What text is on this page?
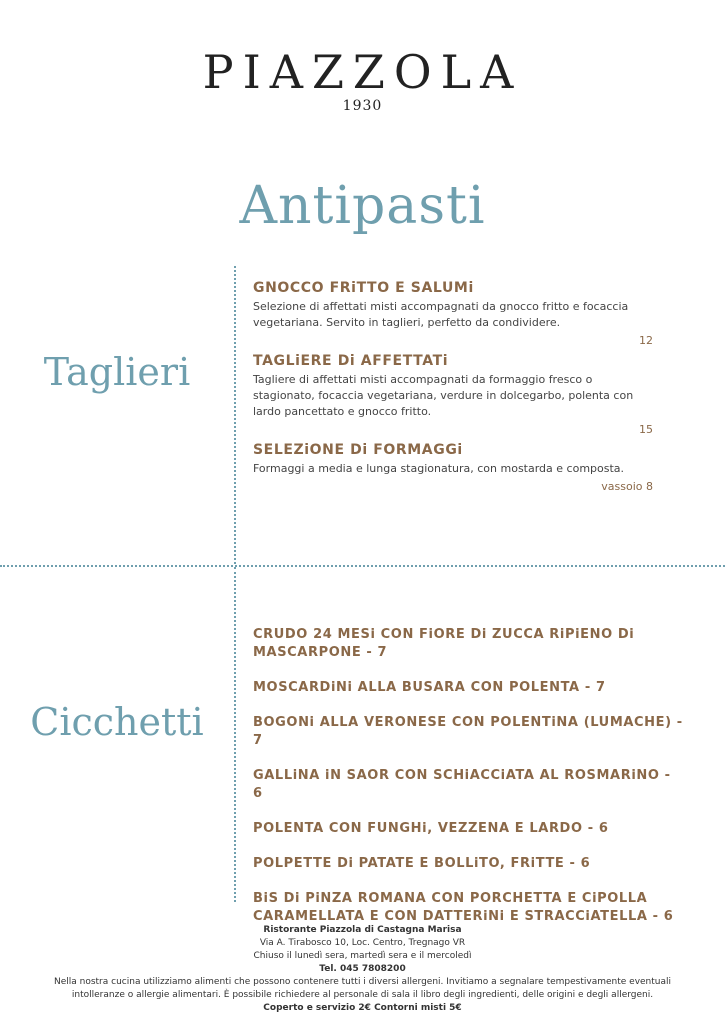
PIAZZOLA
1930
Antipasti
Taglieri
GNOCCO FRiTTO E SALUMi
Selezione di affettati misti accompagnati da gnocco fritto e focaccia vegetariana. Servito in taglieri, perfetto da condividere.
12
TAGLiERE Di AFFETTATi
Tagliere di affettati misti accompagnati da formaggio fresco o stagionato, focaccia vegetariana, verdure in dolcegarbo, polenta con lardo pancettato e gnocco fritto.
15
SELEZiONE Di FORMAGGi
Formaggi a media e lunga stagionatura, con mostarda e composta.
vassoio 8
Cicchetti
CRUDO 24 MESi CON FiORE Di ZUCCA RiPiENO Di MASCARPONE - 7
MOSCARDiNi ALLA BUSARA CON POLENTA - 7
BOGONi ALLA VERONESE CON POLENTiNA (LUMACHE) - 7
GALLiNA iN SAOR CON SCHiACCiATA AL ROSMARiNO - 6
POLENTA CON FUNGHi, VEZZENA E LARDO - 6
POLPETTE Di PATATE E BOLLiTO, FRiTTE - 6
BiS Di PiNZA ROMANA CON PORCHETTA E CiPOLLA CARAMELLATA E CON DATTERiNi E STRACCiATELLA - 6
Ristorante Piazzola di Castagna Marisa
Via A. Tirabosco 10, Loc. Centro, Tregnago VR
Chiuso il lunedì sera, martedì sera e il mercoledì
Tel. 045 7808200
Nella nostra cucina utilizziamo alimenti che possono contenere tutti i diversi allergeni. Invitiamo a segnalare tempestivamente eventuali
intolleranze o allergie alimentari. È possibile richiedere al personale di sala il libro degli ingredienti, delle origini e degli allergeni.
Coperto e servizio 2€ Contorni misti 5€
